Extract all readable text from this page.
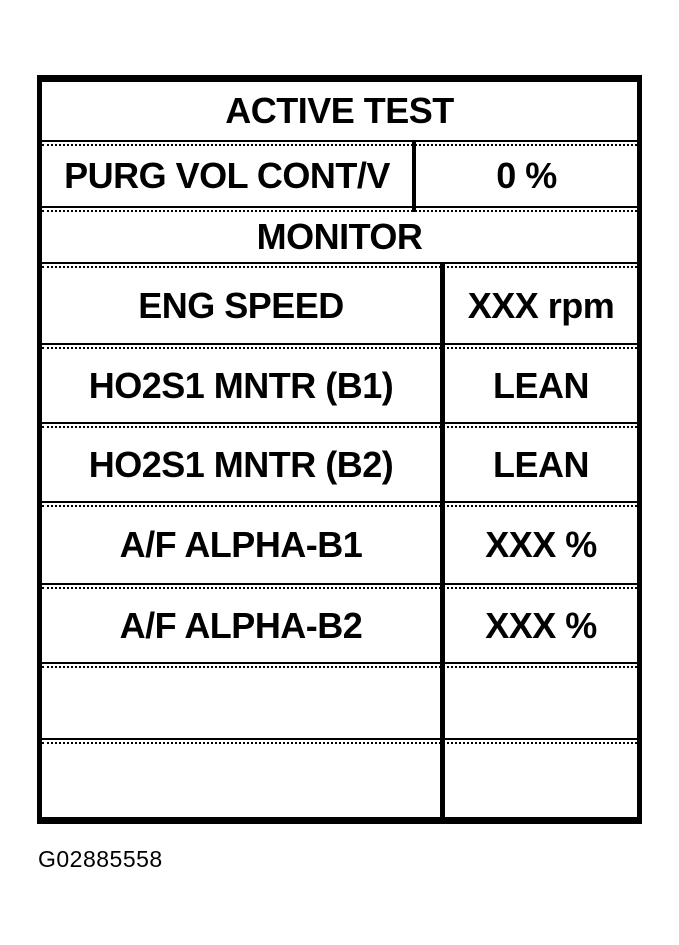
ACTIVE TEST
PURG VOL CONT/V	0 %
MONITOR
ENG SPEED	XXX rpm
HO2S1 MNTR (B1)	LEAN
HO2S1 MNTR (B2)	LEAN
A/F ALPHA-B1	XXX %
A/F ALPHA-B2	XXX %
G02885558
